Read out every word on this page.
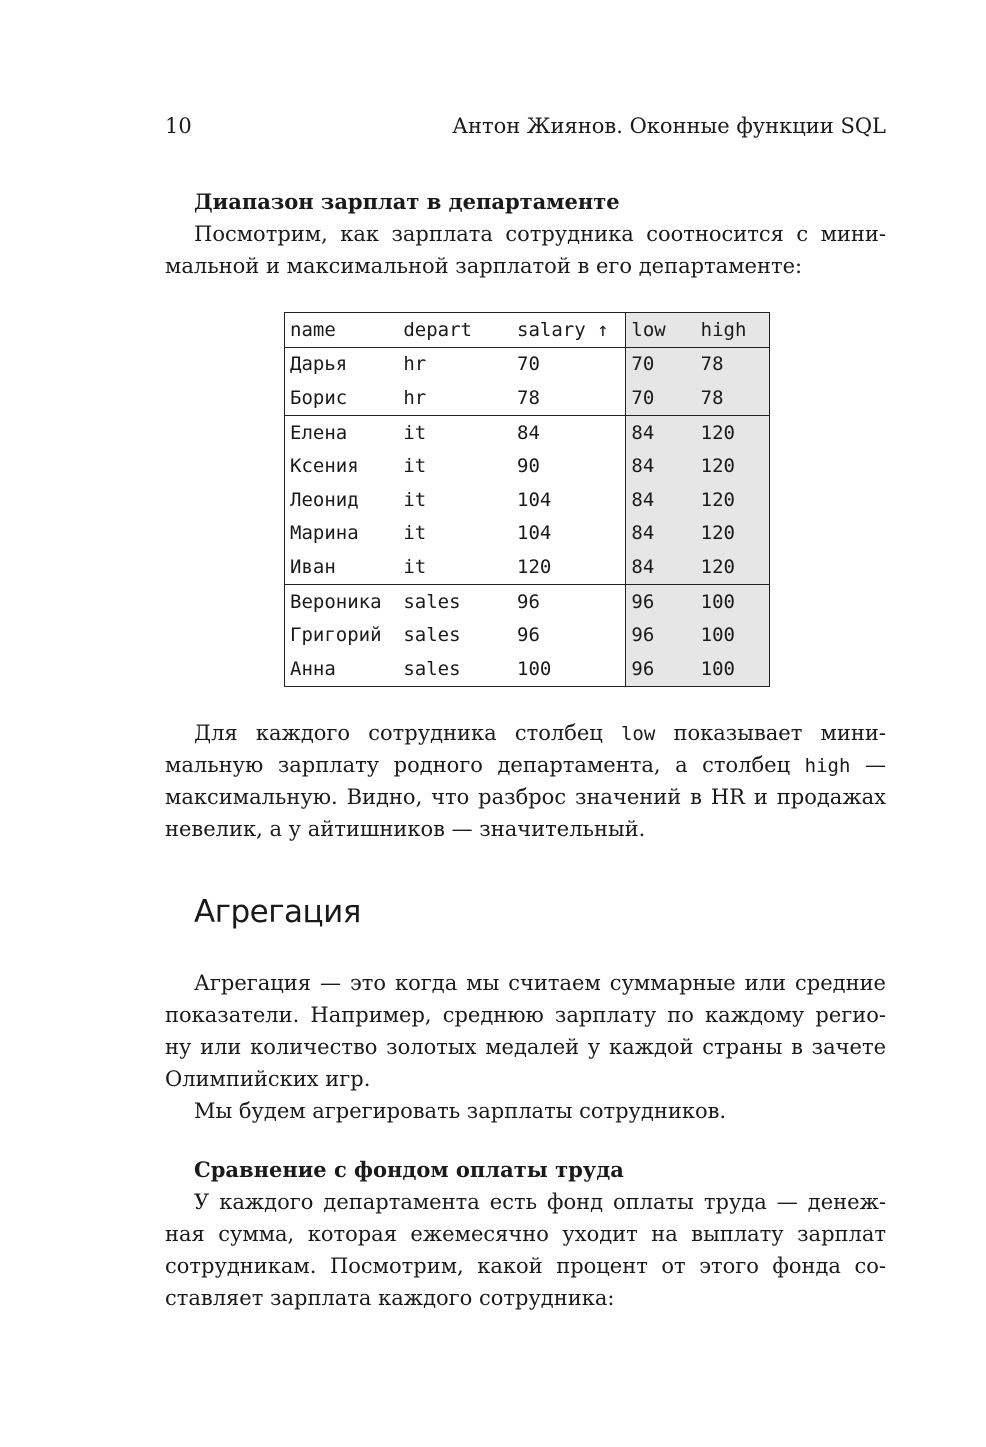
10	Антон Жиянов. Оконные функции SQL
Диапазон зарплат в департаменте
Посмотрим, как зарплата сотрудника соотносится с мини-
мальной и максимальной зарплатой в его департаменте:
name	depart	salary ↑	low	high
Дарья	hr	70	70	78
Борис	hr	78	70	78
Елена	it	84	84	120
Ксения	it	90	84	120
Леонид	it	104	84	120
Марина	it	104	84	120
Иван	it	120	84	120
Вероника	sales	96	96	100
Григорий	sales	96	96	100
Анна	sales	100	96	100
Для каждого сотрудника столбец low показывает мини-
мальную зарплату родного департамента, а столбец high —
максимальную. Видно, что разброс значений в HR и продажах
невелик, а у айтишников — значительный.
Агрегация
Агрегация — это когда мы считаем суммарные или средние
показатели. Например, среднюю зарплату по каждому регио-
ну или количество золотых медалей у каждой страны в зачете
Олимпийских игр.
Мы будем агрегировать зарплаты сотрудников.
Сравнение с фондом оплаты труда
У каждого департамента есть фонд оплаты труда — денеж-
ная сумма, которая ежемесячно уходит на выплату зарплат
сотрудникам. Посмотрим, какой процент от этого фонда со-
ставляет зарплата каждого сотрудника:
